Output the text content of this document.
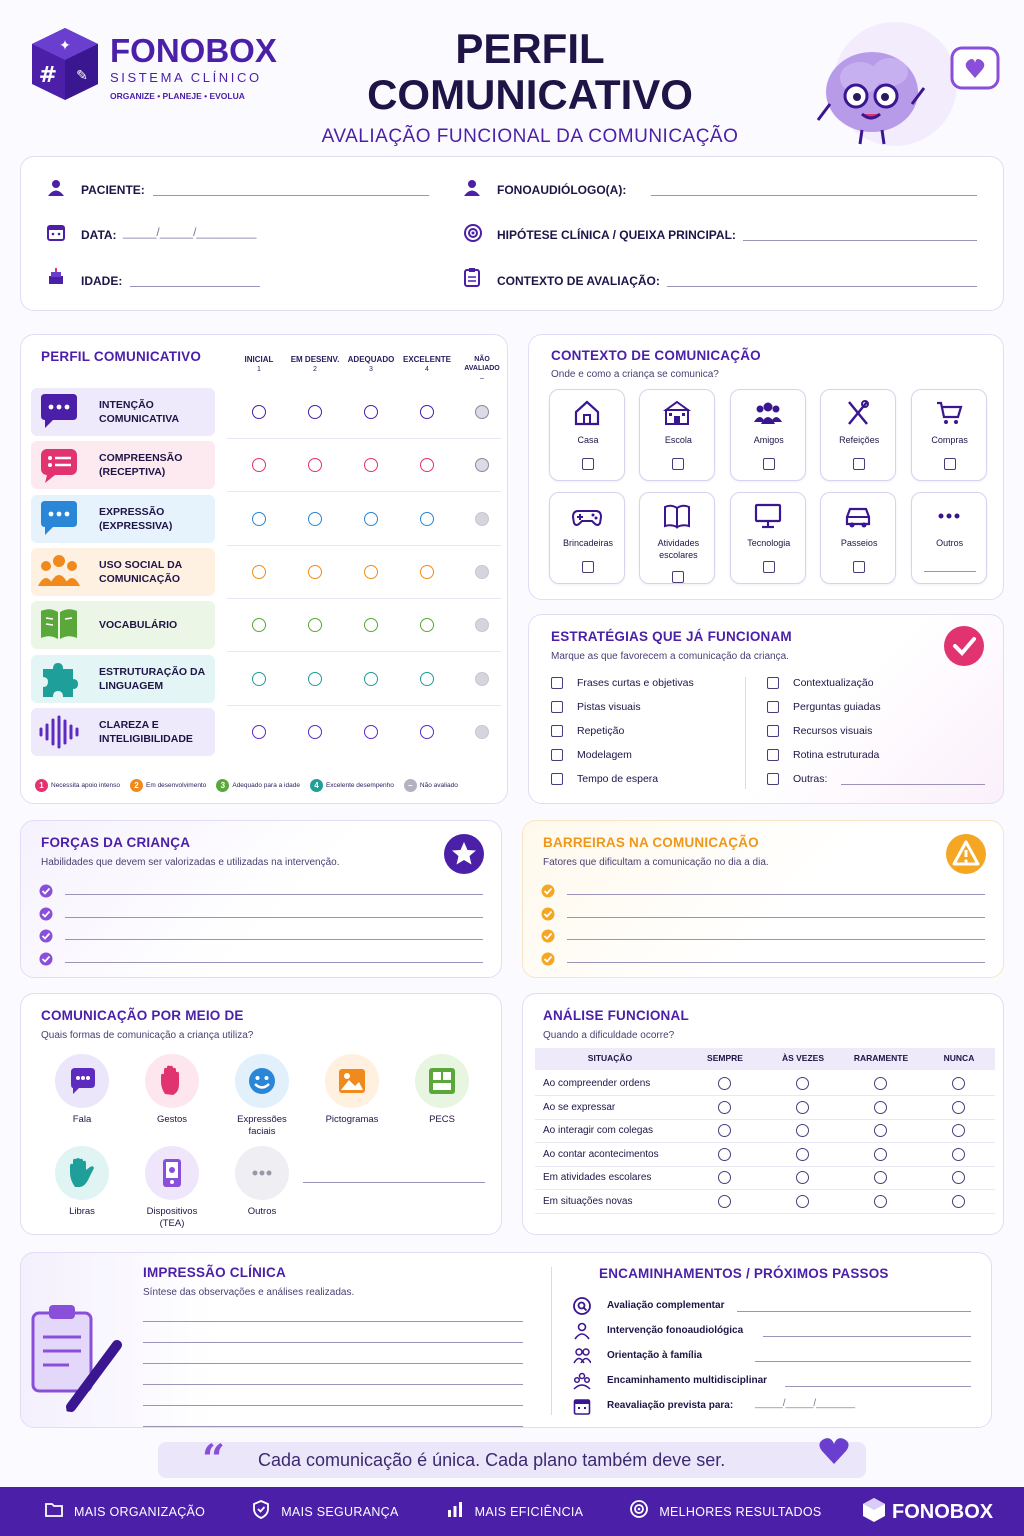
✦
# ✎
FONOBOX
SISTEMA CLÍNICO
ORGANIZE • PLANEJE • EVOLUA
PERFIL COMUNICATIVO
AVALIAÇÃO FUNCIONAL DA COMUNICAÇÃO
PACIENTE:
DATA: _____/_____/_________
IDADE:
FONOAUDIÓLOGO(A):
HIPÓTESE CLÍNICA / QUEIXA PRINCIPAL:
CONTEXTO DE AVALIAÇÃO:
PERFIL COMUNICATIVO	INICIAL
1
EM DESENV.
2
ADEQUADO
3
EXCELENTE
4
NÃO AVALIADO
–
INTENÇÃO COMUNICATIVA
COMPREENSÃO (RECEPTIVA)
EXPRESSÃO (EXPRESSIVA)
USO SOCIAL DA COMUNICAÇÃO
VOCABULÁRIO
ESTRUTURAÇÃO DA LINGUAGEM
CLAREZA E INTELIGIBILIDADE
1	Necessita apoio intenso	2	Em desenvolvimento	3	Adequado para a idade	4	Excelente desempenho	–	Não avaliado
CONTEXTO DE COMUNICAÇÃO
Onde e como a criança se comunica?
Casa	Escola	Amigos	Refeições	Compras
Brincadeiras	Atividades escolares
Tecnologia	Passeios	Outros
ESTRATÉGIAS QUE JÁ FUNCIONAM
Marque as que favorecem a comunicação da criança.
Frases curtas e objetivas
Pistas visuais
Repetição
Modelagem
Tempo de espera
Contextualização
Perguntas guiadas
Recursos visuais
Rotina estruturada
Outras:
FORÇAS DA CRIANÇA
Habilidades que devem ser valorizadas e utilizadas na intervenção.
BARREIRAS NA COMUNICAÇÃO
Fatores que dificultam a comunicação no dia a dia.
COMUNICAÇÃO POR MEIO DE
Quais formas de comunicação a criança utiliza?
Fala	Gestos	Expressões faciais
Pictogramas	PECS
Libras	Dispositivos (TEA)
Outros
ANÁLISE FUNCIONAL
Quando a dificuldade ocorre?
SITUAÇÃO	SEMPRE	ÀS VEZES	RARAMENTE	NUNCA
Ao compreender ordens
Ao se expressar
Ao interagir com colegas
Ao contar acontecimentos
Em atividades escolares
Em situações novas
IMPRESSÃO CLÍNICA
Síntese das observações e análises realizadas.
ENCAMINHAMENTOS / PRÓXIMOS PASSOS
Avaliação complementar
Intervenção fonoaudiológica
Orientação à família
Encaminhamento multidisciplinar
Reavaliação prevista para: _____/_____/_______
“ Cada comunicação é única. Cada plano também deve ser.
MAIS ORGANIZAÇÃO	MAIS SEGURANÇA	MAIS EFICIÊNCIA	MELHORES RESULTADOS	FONOBOX
